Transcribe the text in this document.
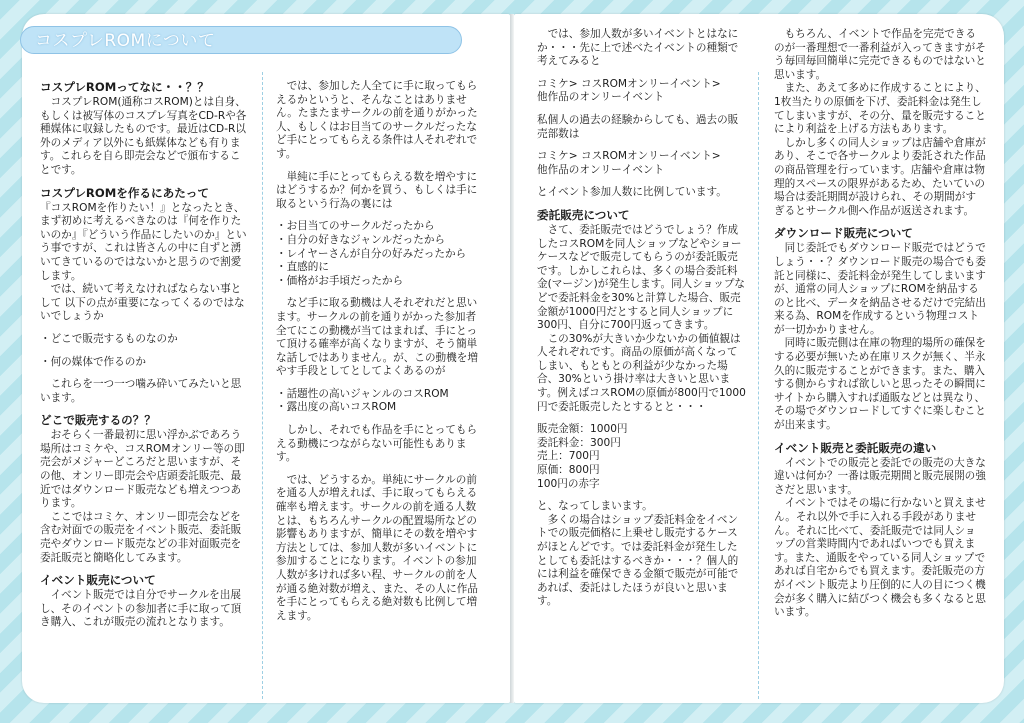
コスプレROMについて
コスプレROMってなに・・？？
　コスプレROM(通称コスROM)とは自身、もしくは被写体のコスプレ写真をCD-Rや各種媒体に収録したものです。最近はCD-R以外のメディア以外にも紙媒体なども有ります。これらを自ら即売会などで頒布することです。
コスプレROMを作るにあたって
『コスROMを作りたい！』となったとき、まず初めに考えるべきなのは『何を作りたいのか』『どういう作品にしたいのか』という事ですが、これは皆さんの中に自ずと湧いてきているのではないかと思うので割愛します。
　では、続いて考えなければならない事として 以下の点が重要になってくるのではないでしょうか
・どこで販売するものなのか
・何の媒体で作るのか
　これらを一つ一つ噛み砕いてみたいと思います。
どこで販売するの？？
　おそらく一番最初に思い浮かぶであろう場所はコミケや、コスROMオンリー等の即売会がメジャーどころだと思いますが、その他、オンリー即売会や店頭委託販売、最近ではダウンロード販売なども増えつつあります。
　ここではコミケ、オンリー即売会などを含む対面での販売をイベント販売、委託販売やダウンロード販売などの非対面販売を委託販売と簡略化してみます。
イベント販売について
　イベント販売では自分でサークルを出展し、そのイベントの参加者に手に取って頂き購入、これが販売の流れとなります。
　では、参加した人全てに手に取ってもらえるかというと、そんなことはありません。たまたまサークルの前を通りがかった人、もしくはお目当てのサークルだったなど手にとってもらえる条件は人それぞれです。
　単純に手にとってもらえる数を増やすにはどうするか？何かを買う、もしくは手に取るという行為の裏には
・お目当てのサークルだったから
・自分の好きなジャンルだったから
・レイヤーさんが自分の好みだったから
・直感的に
・価格がお手頃だったから
　など手に取る動機は人それぞれだと思います。サークルの前を通りがかった参加者全てにこの動機が当てはまれば、手にとって頂ける確率が高くなりますが、そう簡単な話しではありません。が、この動機を増やす手段としてとしてよくあるのが
・話題性の高いジャンルのコスROM
・露出度の高いコスROM
　しかし、それでも作品を手にとってもらえる動機につながらない可能性もあります。
　では、どうするか。単純にサークルの前を通る人が増えれば、手に取ってもらえる確率も増えます。サークルの前を通る人数とは、もちろんサークルの配置場所などの影響もありますが、簡単にその数を増やす方法としては、参加人数が多いイベントに参加することになります。イベントの参加人数が多ければ多い程、サークルの前を人が通る絶対数が増え、また、その人に作品を手にとってもらえる絶対数も比例して増えます。
　では、参加人数が多いイベントとはなにか・・・先に上で述べたイベントの種類で考えてみると
コミケ> コスROMオンリーイベント>
他作品のオンリーイベント
私個人の過去の経験からしても、過去の販売部数は
コミケ> コスROMオンリーイベント>
他作品のオンリーイベント
とイベント参加人数に比例しています。
委託販売について
　さて、委託販売ではどうでしょう？作成したコスROMを同人ショップなどやショーケースなどで販売してもらうのが委託販売です。しかしこれらは、多くの場合委託料金(マージン)が発生します。同人ショップなどで委託料金を30%と計算した場合、販売金額が1000円だとすると同人ショップに300円、自分に700円返ってきます。
　この30%が大きいか少ないかの価値観は人それぞれです。商品の原価が高くなってしまい、もともとの利益が少なかった場合、30%という掛け率は大きいと思います。例えばコスROMの原価が800円で1000円で委託販売したとするとと・・・
販売金額：1000円
委託料金：300円
売上：700円
原価：800円
100円の赤字
と、なってしまいます。
　多くの場合はショップ委託料金をイベントでの販売価格に上乗せし販売するケースがほとんどです。では委託料金が発生したとしても委託はするべきか・・・？個人的には利益を確保できる金額で販売が可能であれば、委託はしたほうが良いと思います。
　もちろん、イベントで作品を完売できるのが一番理想で一番利益が入ってきますがそう毎回毎回簡単に完売できるものではないと思います。
　また、あえて多めに作成することにより、1枚当たりの原価を下げ、委託料金は発生してしまいますが、その分、量を販売することにより利益を上げる方法もあります。
　しかし多くの同人ショップは店舗や倉庫があり、そこで各サークルより委託された作品の商品管理を行っています。店舗や倉庫は物理的スペースの限界があるため、たいていの場合は委託期間が設けられ、その期間がすぎるとサークル側へ作品が返送されます。
ダウンロード販売について
　同じ委託でもダウンロード販売ではどうでしょう・・？ダウンロード販売の場合でも委託と同様に、委託料金が発生してしまいますが、通常の同人ショップにROMを納品するのと比べ、データを納品させるだけで完結出来る為、ROMを作成するという物理コストが一切かかりません。
　同時に販売側は在庫の物理的場所の確保をする必要が無いため在庫リスクが無く、半永久的に販売することができます。また、購入する側からすれば欲しいと思ったその瞬間にサイトから購入すれば通販などとは異なり、その場でダウンロードしてすぐに楽しむことが出来ます。
イベント販売と委託販売の違い
　イベントでの販売と委託での販売の大きな違いは何か？一番は販売期間と販売展開の強さだと思います。
　イベントではその場に行かないと買えません。それ以外で手に入れる手段がありません。それに比べて、委託販売では同人ショップの営業時間内であればいつでも買えます。また、通販をやっている同人ショップであれば自宅からでも買えます。委託販売の方がイベント販売より圧倒的に人の目につく機会が多く購入に結びつく機会も多くなると思います。
